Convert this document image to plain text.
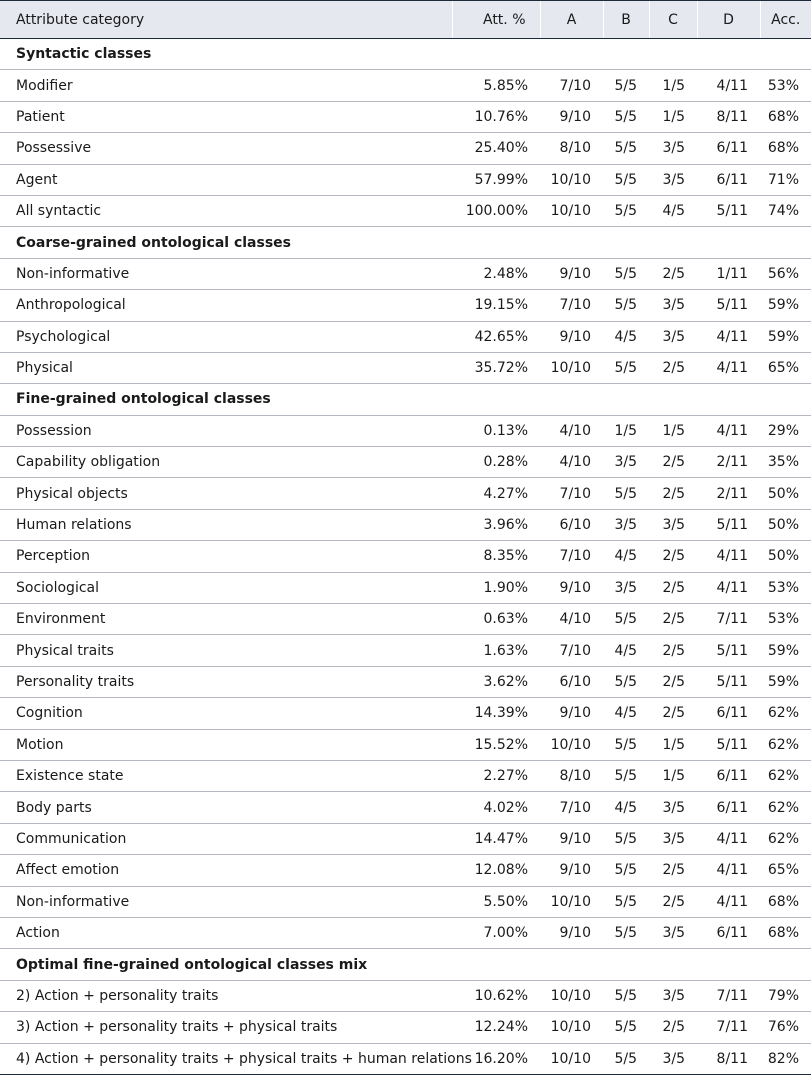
Attribute category	Att. %	A	B	C	D	Acc.
Syntactic classes						
Modifier	5.85%	7/10	5/5	1/5	4/11	53%
Patient	10.76%	9/10	5/5	1/5	8/11	68%
Possessive	25.40%	8/10	5/5	3/5	6/11	68%
Agent	57.99%	10/10	5/5	3/5	6/11	71%
All syntactic	100.00%	10/10	5/5	4/5	5/11	74%
Coarse-grained ontological classes						
Non-informative	2.48%	9/10	5/5	2/5	1/11	56%
Anthropological	19.15%	7/10	5/5	3/5	5/11	59%
Psychological	42.65%	9/10	4/5	3/5	4/11	59%
Physical	35.72%	10/10	5/5	2/5	4/11	65%
Fine-grained ontological classes						
Possession	0.13%	4/10	1/5	1/5	4/11	29%
Capability obligation	0.28%	4/10	3/5	2/5	2/11	35%
Physical objects	4.27%	7/10	5/5	2/5	2/11	50%
Human relations	3.96%	6/10	3/5	3/5	5/11	50%
Perception	8.35%	7/10	4/5	2/5	4/11	50%
Sociological	1.90%	9/10	3/5	2/5	4/11	53%
Environment	0.63%	4/10	5/5	2/5	7/11	53%
Physical traits	1.63%	7/10	4/5	2/5	5/11	59%
Personality traits	3.62%	6/10	5/5	2/5	5/11	59%
Cognition	14.39%	9/10	4/5	2/5	6/11	62%
Motion	15.52%	10/10	5/5	1/5	5/11	62%
Existence state	2.27%	8/10	5/5	1/5	6/11	62%
Body parts	4.02%	7/10	4/5	3/5	6/11	62%
Communication	14.47%	9/10	5/5	3/5	4/11	62%
Affect emotion	12.08%	9/10	5/5	2/5	4/11	65%
Non-informative	5.50%	10/10	5/5	2/5	4/11	68%
Action	7.00%	9/10	5/5	3/5	6/11	68%
Optimal fine-grained ontological classes mix						
2) Action + personality traits	10.62%	10/10	5/5	3/5	7/11	79%
3) Action + personality traits + physical traits	12.24%	10/10	5/5	2/5	7/11	76%
4) Action + personality traits + physical traits + human relations	16.20%	10/10	5/5	3/5	8/11	82%
